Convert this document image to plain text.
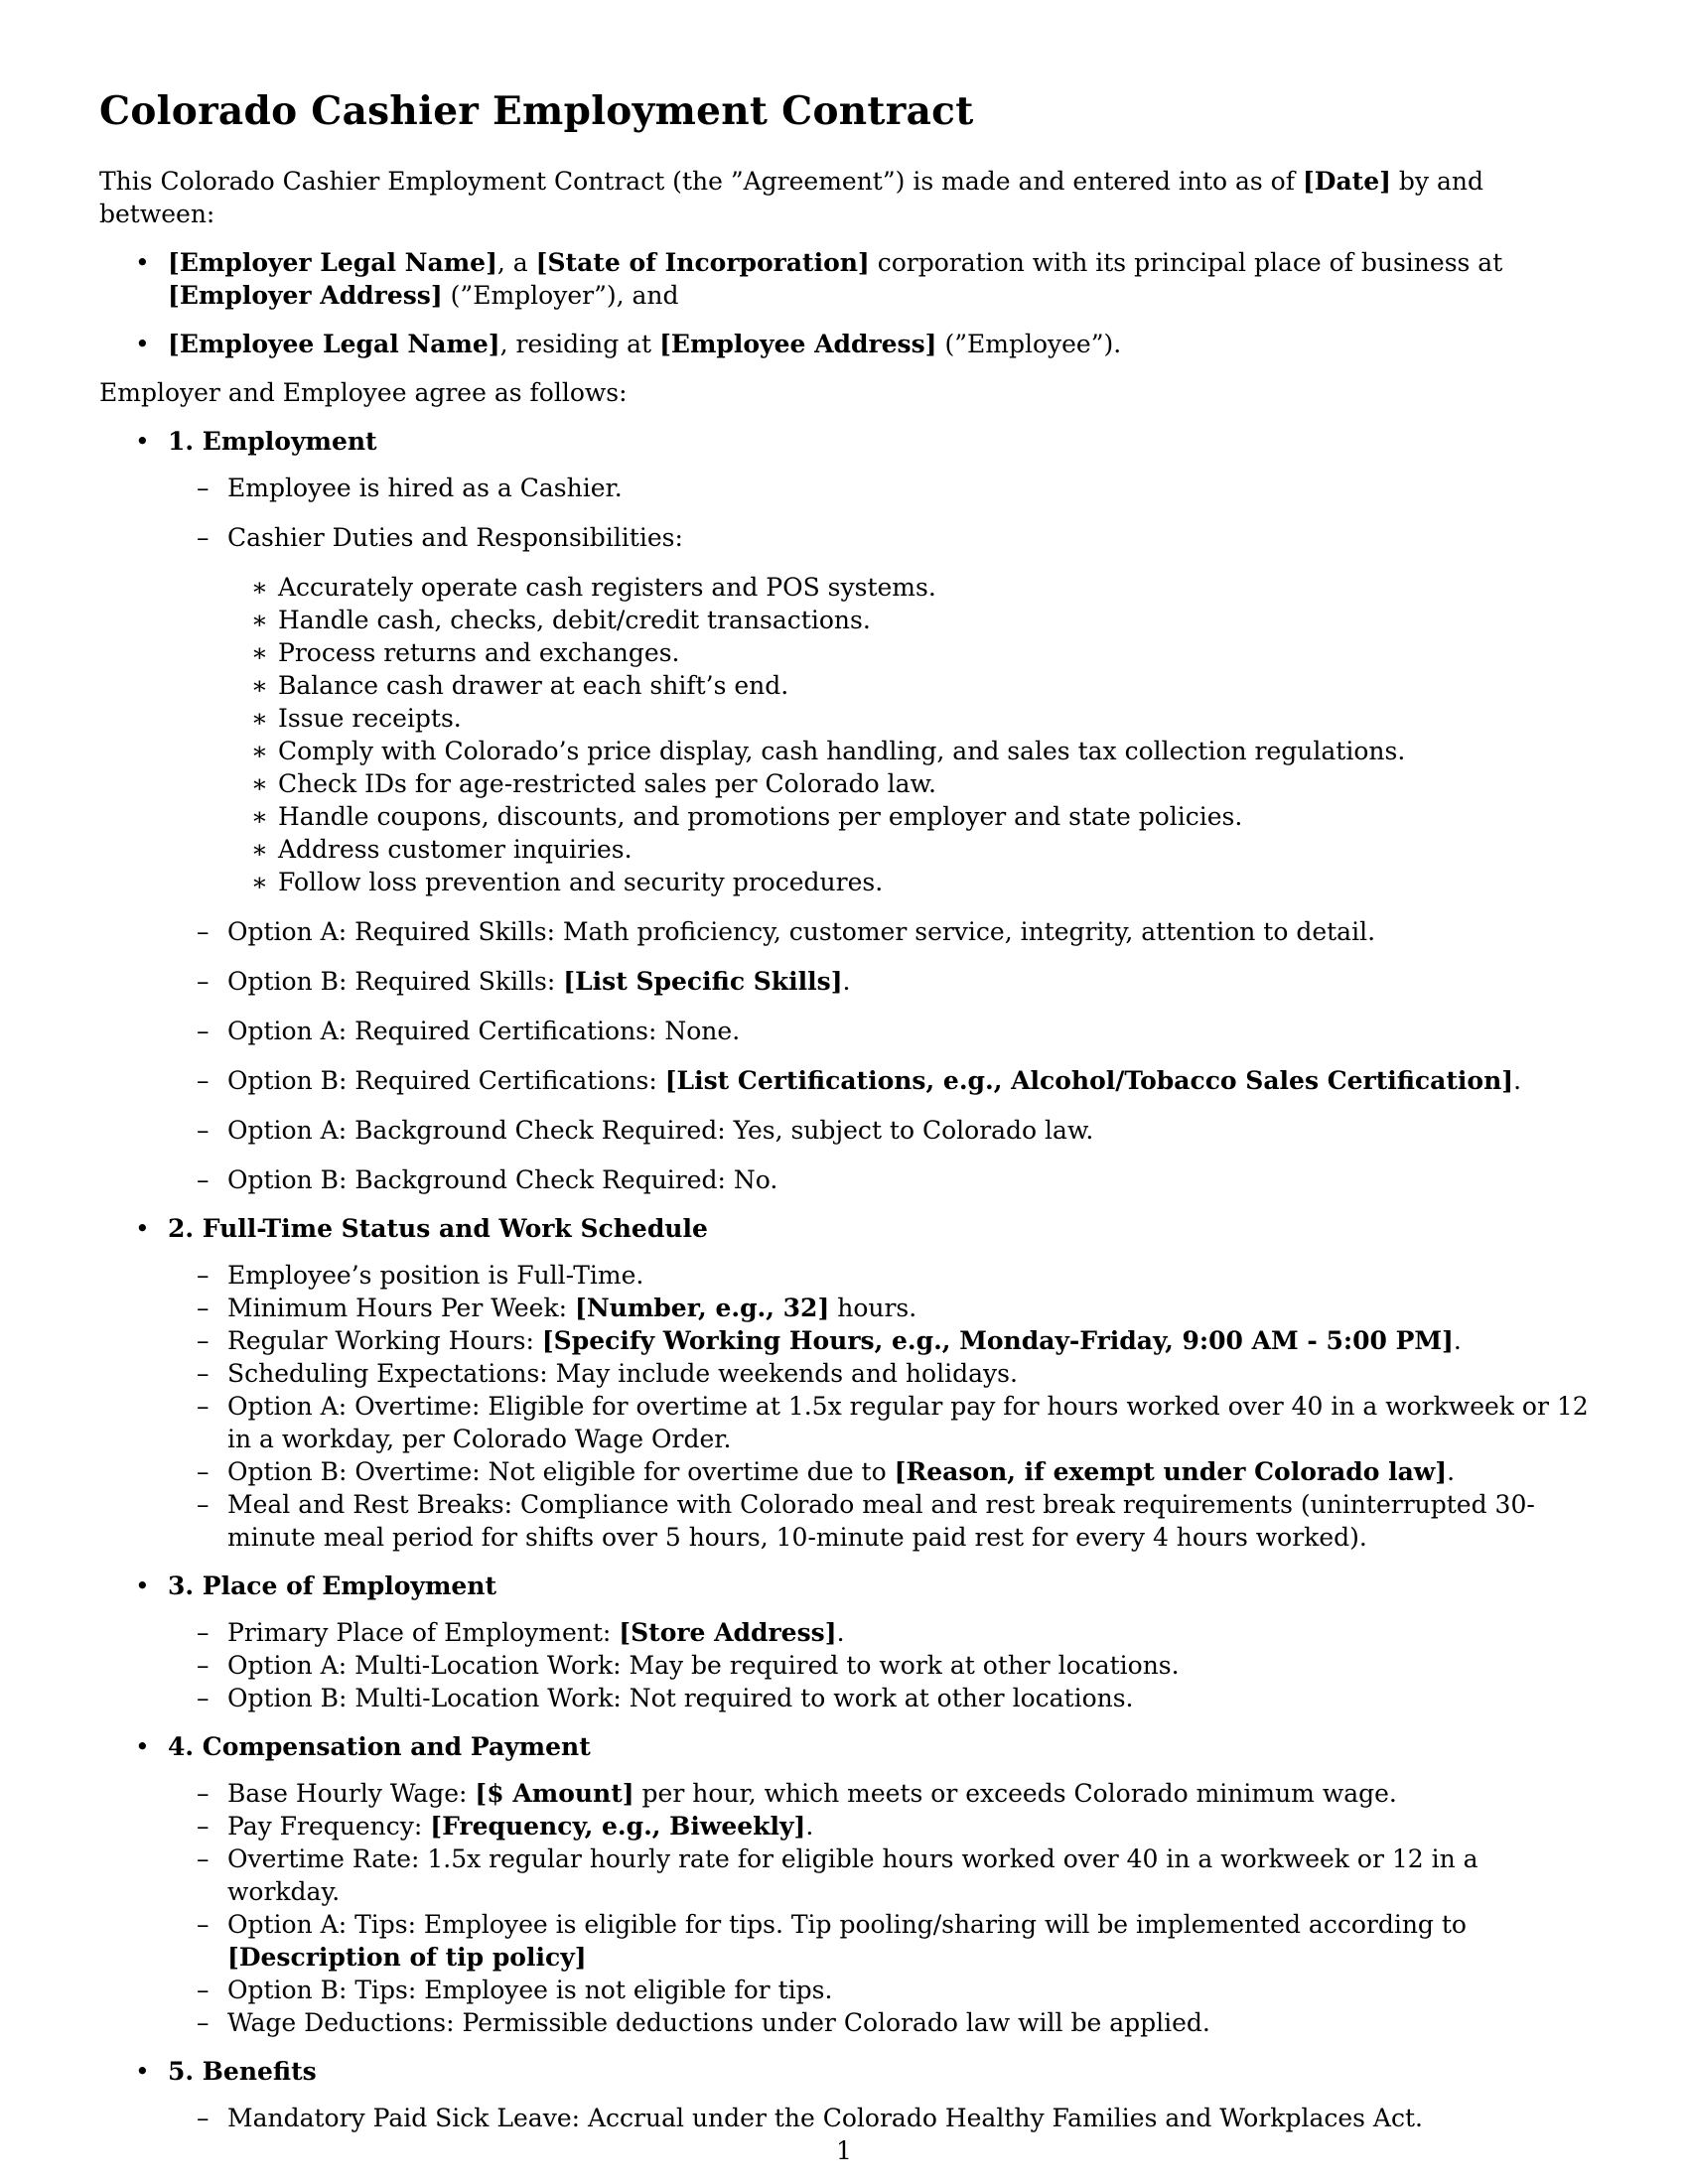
Colorado Cashier Employment Contract

This Colorado Cashier Employment Contract (the ”Agreement”) is made and entered into as of [Date] by and between:

• [Employer Legal Name], a [State of Incorporation] corporation with its principal place of business at [Employer Address] (”Employer”), and
• [Employee Legal Name], residing at [Employee Address] (”Employee”).

Employer and Employee agree as follows:

• 1. Employment
– Employee is hired as a Cashier.
– Cashier Duties and Responsibilities:
∗ Accurately operate cash registers and POS systems.
∗ Handle cash, checks, debit/credit transactions.
∗ Process returns and exchanges.
∗ Balance cash drawer at each shift’s end.
∗ Issue receipts.
∗ Comply with Colorado’s price display, cash handling, and sales tax collection regulations.
∗ Check IDs for age-restricted sales per Colorado law.
∗ Handle coupons, discounts, and promotions per employer and state policies.
∗ Address customer inquiries.
∗ Follow loss prevention and security procedures.
– Option A: Required Skills: Math proficiency, customer service, integrity, attention to detail.
– Option B: Required Skills: [List Specific Skills].
– Option A: Required Certifications: None.
– Option B: Required Certifications: [List Certifications, e.g., Alcohol/Tobacco Sales Certification].
– Option A: Background Check Required: Yes, subject to Colorado law.
– Option B: Background Check Required: No.
• 2. Full-Time Status and Work Schedule
– Employee’s position is Full-Time.
– Minimum Hours Per Week: [Number, e.g., 32] hours.
– Regular Working Hours: [Specify Working Hours, e.g., Monday-Friday, 9:00 AM - 5:00 PM].
– Scheduling Expectations: May include weekends and holidays.
– Option A: Overtime: Eligible for overtime at 1.5x regular pay for hours worked over 40 in a workweek or 12 in a workday, per Colorado Wage Order.
– Option B: Overtime: Not eligible for overtime due to [Reason, if exempt under Colorado law].
– Meal and Rest Breaks: Compliance with Colorado meal and rest break requirements (uninterrupted 30-minute meal period for shifts over 5 hours, 10-minute paid rest for every 4 hours worked).
• 3. Place of Employment
– Primary Place of Employment: [Store Address].
– Option A: Multi-Location Work: May be required to work at other locations.
– Option B: Multi-Location Work: Not required to work at other locations.
• 4. Compensation and Payment
– Base Hourly Wage: [$ Amount] per hour, which meets or exceeds Colorado minimum wage.
– Pay Frequency: [Frequency, e.g., Biweekly].
– Overtime Rate: 1.5x regular hourly rate for eligible hours worked over 40 in a workweek or 12 in a workday.
– Option A: Tips: Employee is eligible for tips. Tip pooling/sharing will be implemented according to [Description of tip policy]
– Option B: Tips: Employee is not eligible for tips.
– Wage Deductions: Permissible deductions under Colorado law will be applied.
• 5. Benefits
– Mandatory Paid Sick Leave: Accrual under the Colorado Healthy Families and Workplaces Act.
1
